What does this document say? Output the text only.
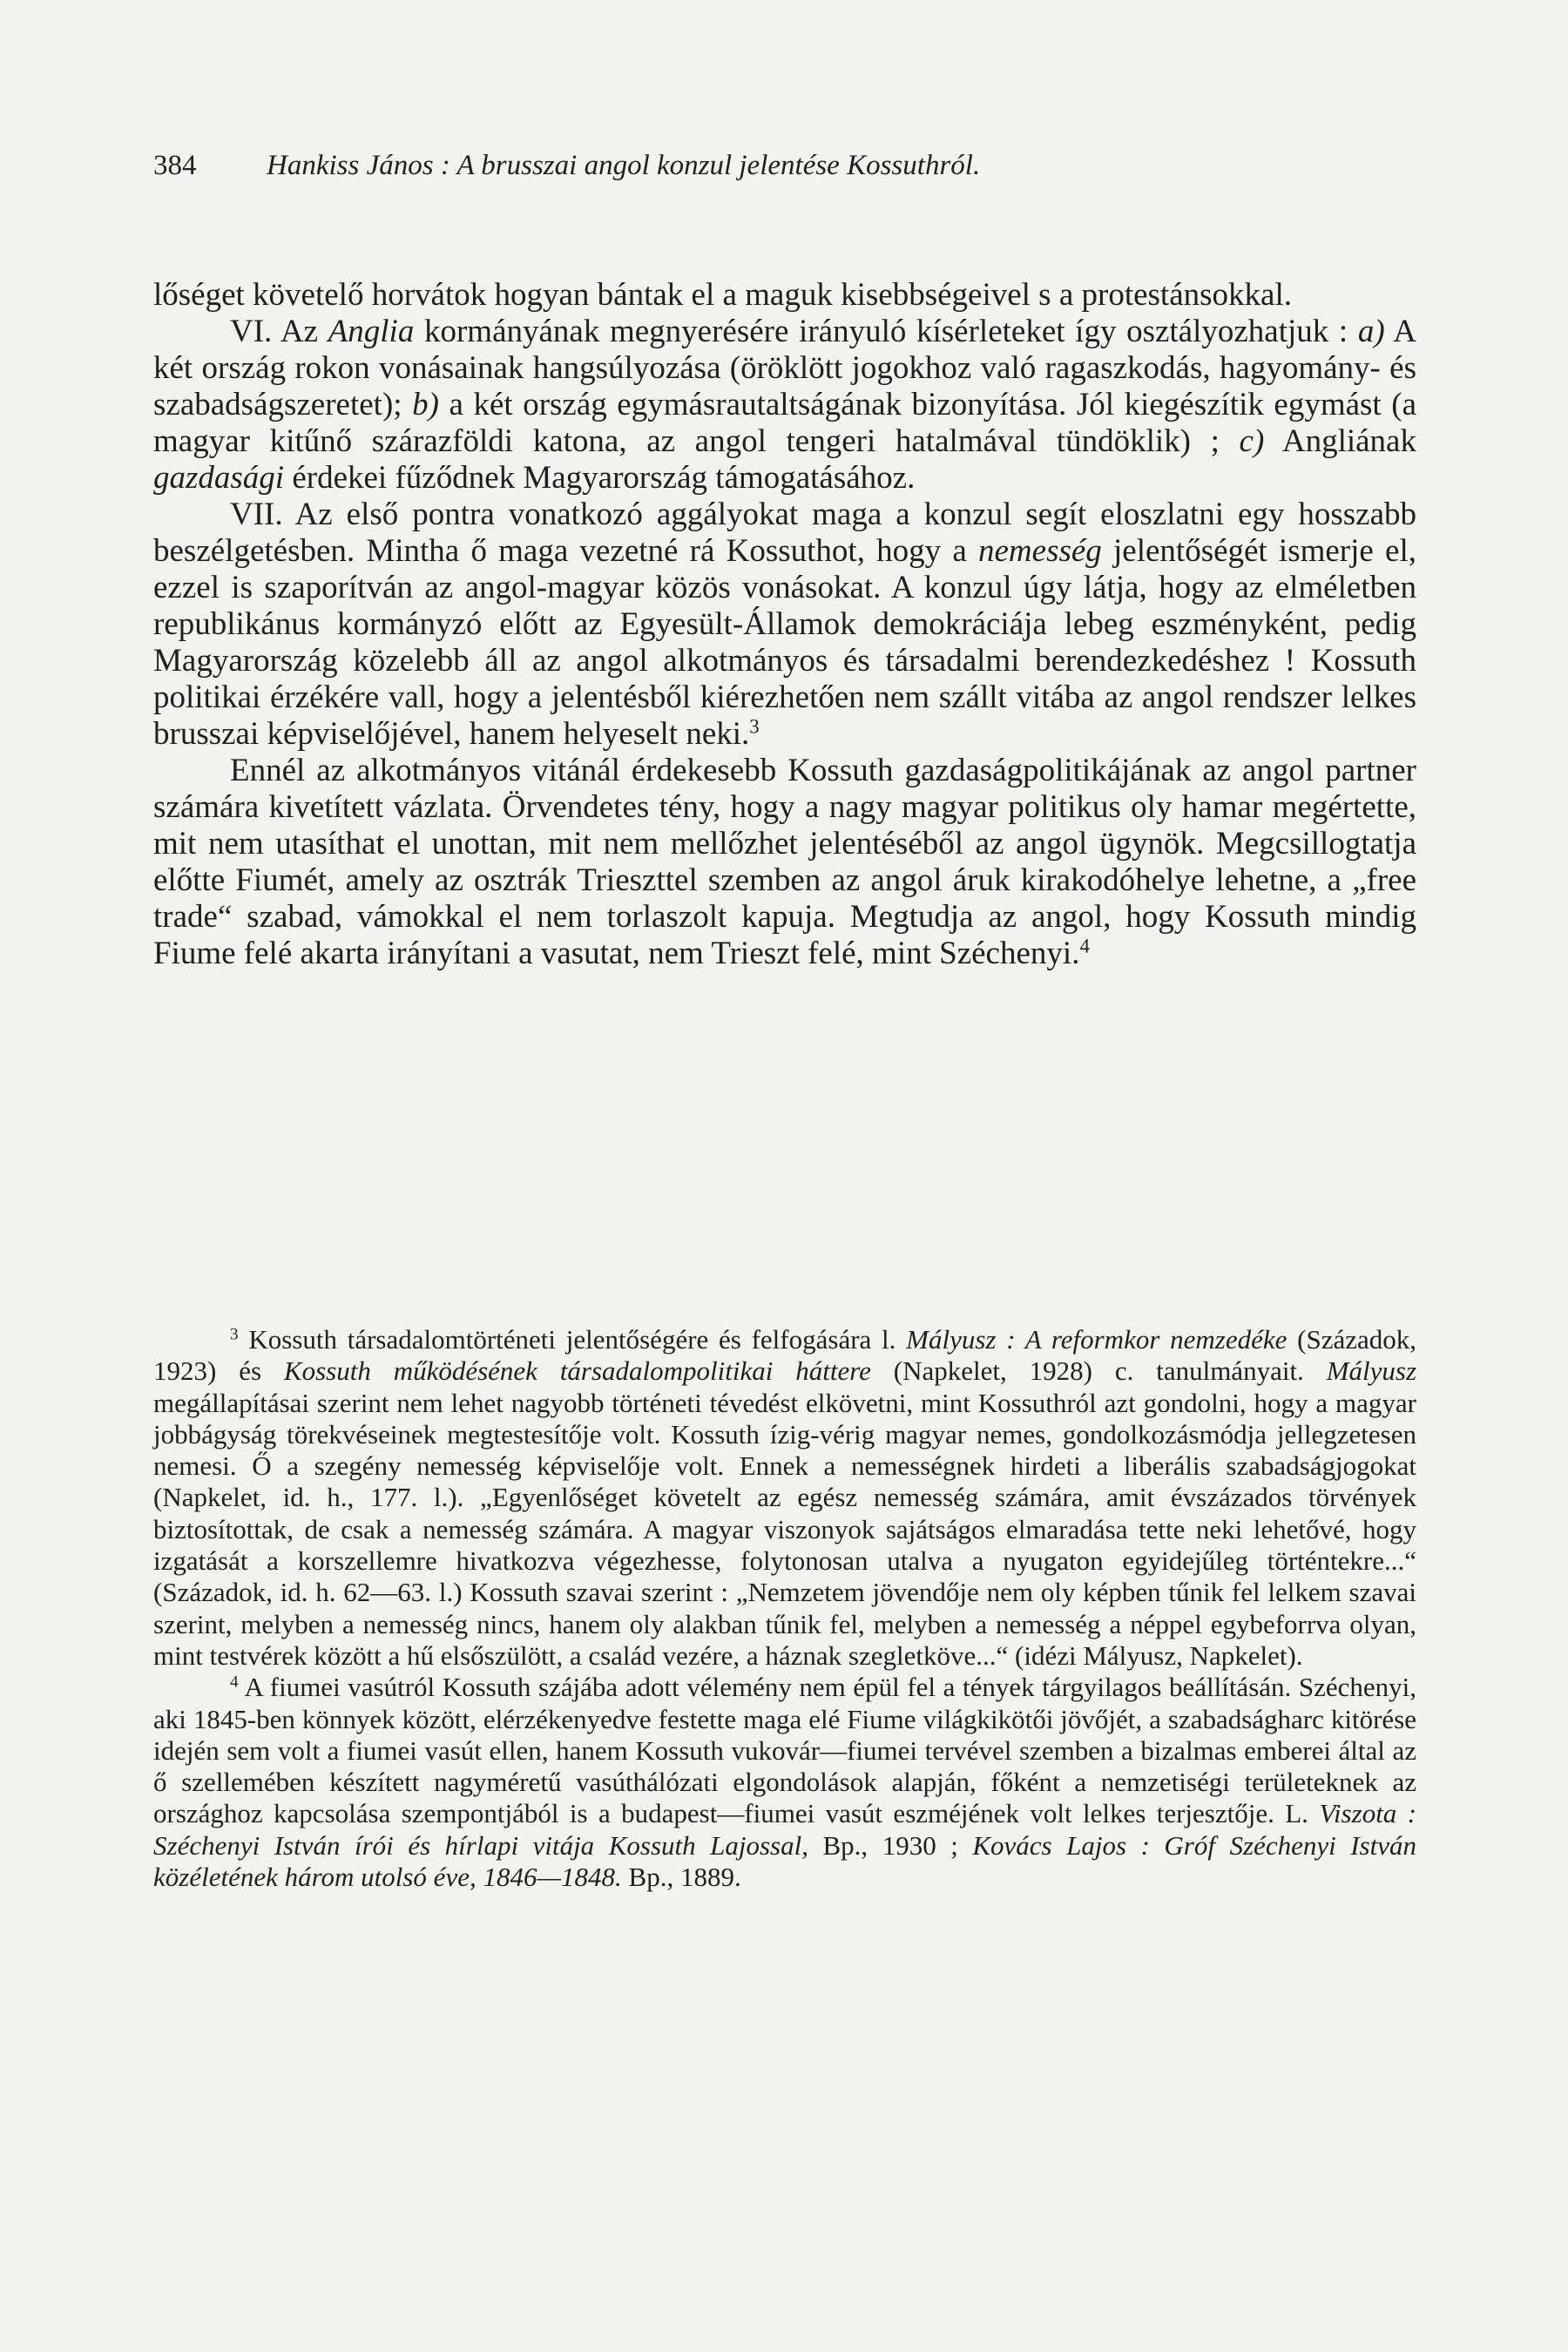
384 Hankiss János : A brusszai angol konzul jelentése Kossuthról.

lőséget követelő horvátok hogyan bántak el a maguk kisebbségeivel s a protestánsokkal.

VI. Az Anglia kormányának megnyerésére irányuló kísérleteket így osztályozhatjuk : a) A két ország rokon vonásainak hangsúlyozása (öröklött jogokhoz való ragaszkodás, hagyomány- és szabadságszeretet); b) a két ország egymásrautaltságának bizonyítása. Jól kiegészítik egymást (a magyar kitűnő szárazföldi katona, az angol tengeri hatalmával tündöklik) ; c) Angliának gazdasági érdekei fűződnek Magyarország támogatásához.

VII. Az első pontra vonatkozó aggályokat maga a konzul segít eloszlatni egy hosszabb beszélgetésben. Mintha ő maga vezetné rá Kossuthot, hogy a nemesség jelentőségét ismerje el, ezzel is szaporítván az angol-magyar közös vonásokat. A konzul úgy látja, hogy az elméletben republikánus kormányzó előtt az Egyesült-Államok demokráciája lebeg eszményként, pedig Magyarország közelebb áll az angol alkotmányos és társadalmi berendezkedéshez ! Kossuth politikai érzékére vall, hogy a jelentésből kiérezhetően nem szállt vitába az angol rendszer lelkes brusszai képviselőjével, hanem helyeselt neki.$^3$

Ennél az alkotmányos vitánál érdekesebb Kossuth gazdaságpolitikájának az angol partner számára kivetített vázlata. Örvendetes tény, hogy a nagy magyar politikus oly hamar megértette, mit nem utasíthat el unottan, mit nem mellőzhet jelentéséből az angol ügynök. Megcsillogtatja előtte Fiumét, amely az osztrák Trieszttel szemben az angol áruk kirakodóhelye lehetne, a „free trade“ szabad, vámokkal el nem torlaszolt kapuja. Megtudja az angol, hogy Kossuth mindig Fiume felé akarta irányítani a vasutat, nem Trieszt felé, mint Széchenyi.$^4$

$^3$ Kossuth társadalomtörténeti jelentőségére és felfogására l. Mályusz : A reformkor nemzedéke (Századok, 1923) és Kossuth működésének társadalompolitikai háttere (Napkelet, 1928) c. tanulmányait. Mályusz megállapításai szerint nem lehet nagyobb történeti tévedést elkövetni, mint Kossuthról azt gondolni, hogy a magyar jobbágyság törekvéseinek megtestesítője volt. Kossuth ízig-vérig magyar nemes, gondolkozásmódja jellegzetesen nemesi. Ő a szegény nemesség képviselője volt. Ennek a nemességnek hirdeti a liberális szabadságjogokat (Napkelet, id. h., 177. l.). „Egyenlőséget követelt az egész nemesség számára, amit évszázados törvények biztosítottak, de csak a nemesség számára. A magyar viszonyok sajátságos elmaradása tette neki lehetővé, hogy izgatását a korszellemre hivatkozva végezhesse, folytonosan utalva a nyugaton egyidejűleg történtekre...“ (Századok, id. h. 62—63. l.) Kossuth szavai szerint : „Nemzetem jövendője nem oly képben tűnik fel lelkem szavai szerint, melyben a nemesség nincs, hanem oly alakban tűnik fel, melyben a nemesség a néppel egybeforrva olyan, mint testvérek között a hű elsőszülött, a család vezére, a háznak szegletköve...“ (idézi Mályusz, Napkelet).

$^4$ A fiumei vasútról Kossuth szájába adott vélemény nem épül fel a tények tárgyilagos beállításán. Széchenyi, aki 1845-ben könnyek között, elérzékenyedve festette maga elé Fiume világkikötői jövőjét, a szabadságharc kitörése idején sem volt a fiumei vasút ellen, hanem Kossuth vukovár—fiumei tervével szemben a bizalmas emberei által az ő szellemében készített nagyméretű vasúthálózati elgondolások alapján, főként a nemzetiségi területeknek az országhoz kapcsolása szempontjából is a budapest—fiumei vasút eszméjének volt lelkes terjesztője. L. Viszota : Széchenyi István írói és hírlapi vitája Kossuth Lajossal, Bp., 1930 ; Kovács Lajos : Gróf Széchenyi István közéletének három utolsó éve, 1846—1848. Bp., 1889.
